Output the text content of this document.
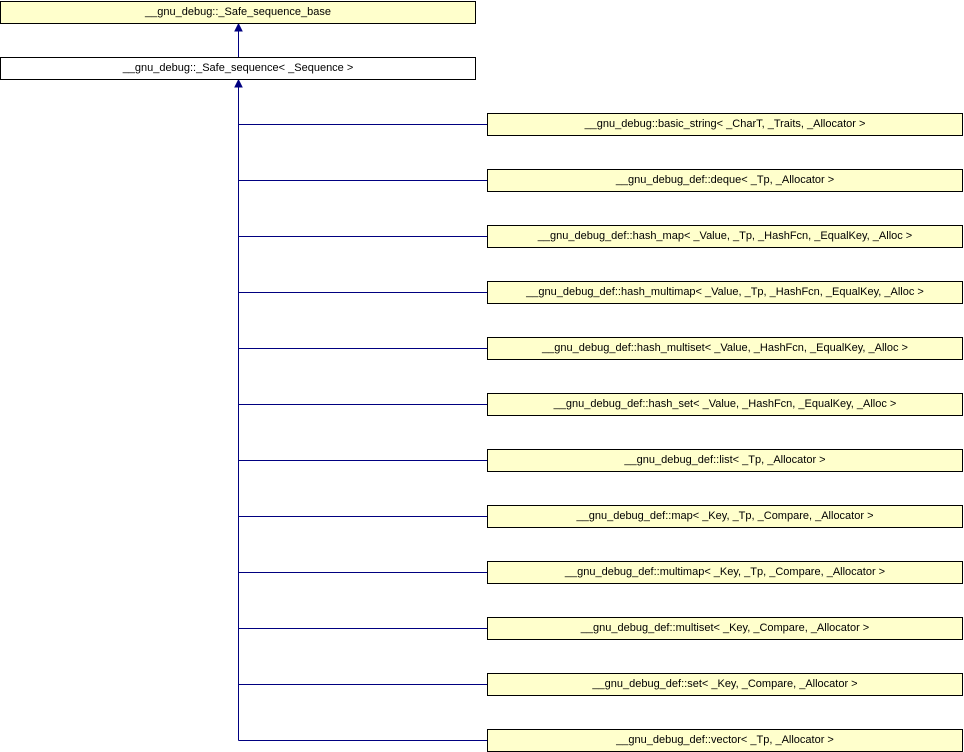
__gnu_debug::_Safe_sequence_base
__gnu_debug::_Safe_sequence< _Sequence >
__gnu_debug::basic_string< _CharT, _Traits, _Allocator >
__gnu_debug_def::deque< _Tp, _Allocator >
__gnu_debug_def::hash_map< _Value, _Tp, _HashFcn, _EqualKey, _Alloc >
__gnu_debug_def::hash_multimap< _Value, _Tp, _HashFcn, _EqualKey, _Alloc >
__gnu_debug_def::hash_multiset< _Value, _HashFcn, _EqualKey, _Alloc >
__gnu_debug_def::hash_set< _Value, _HashFcn, _EqualKey, _Alloc >
__gnu_debug_def::list< _Tp, _Allocator >
__gnu_debug_def::map< _Key, _Tp, _Compare, _Allocator >
__gnu_debug_def::multimap< _Key, _Tp, _Compare, _Allocator >
__gnu_debug_def::multiset< _Key, _Compare, _Allocator >
__gnu_debug_def::set< _Key, _Compare, _Allocator >
__gnu_debug_def::vector< _Tp, _Allocator >
